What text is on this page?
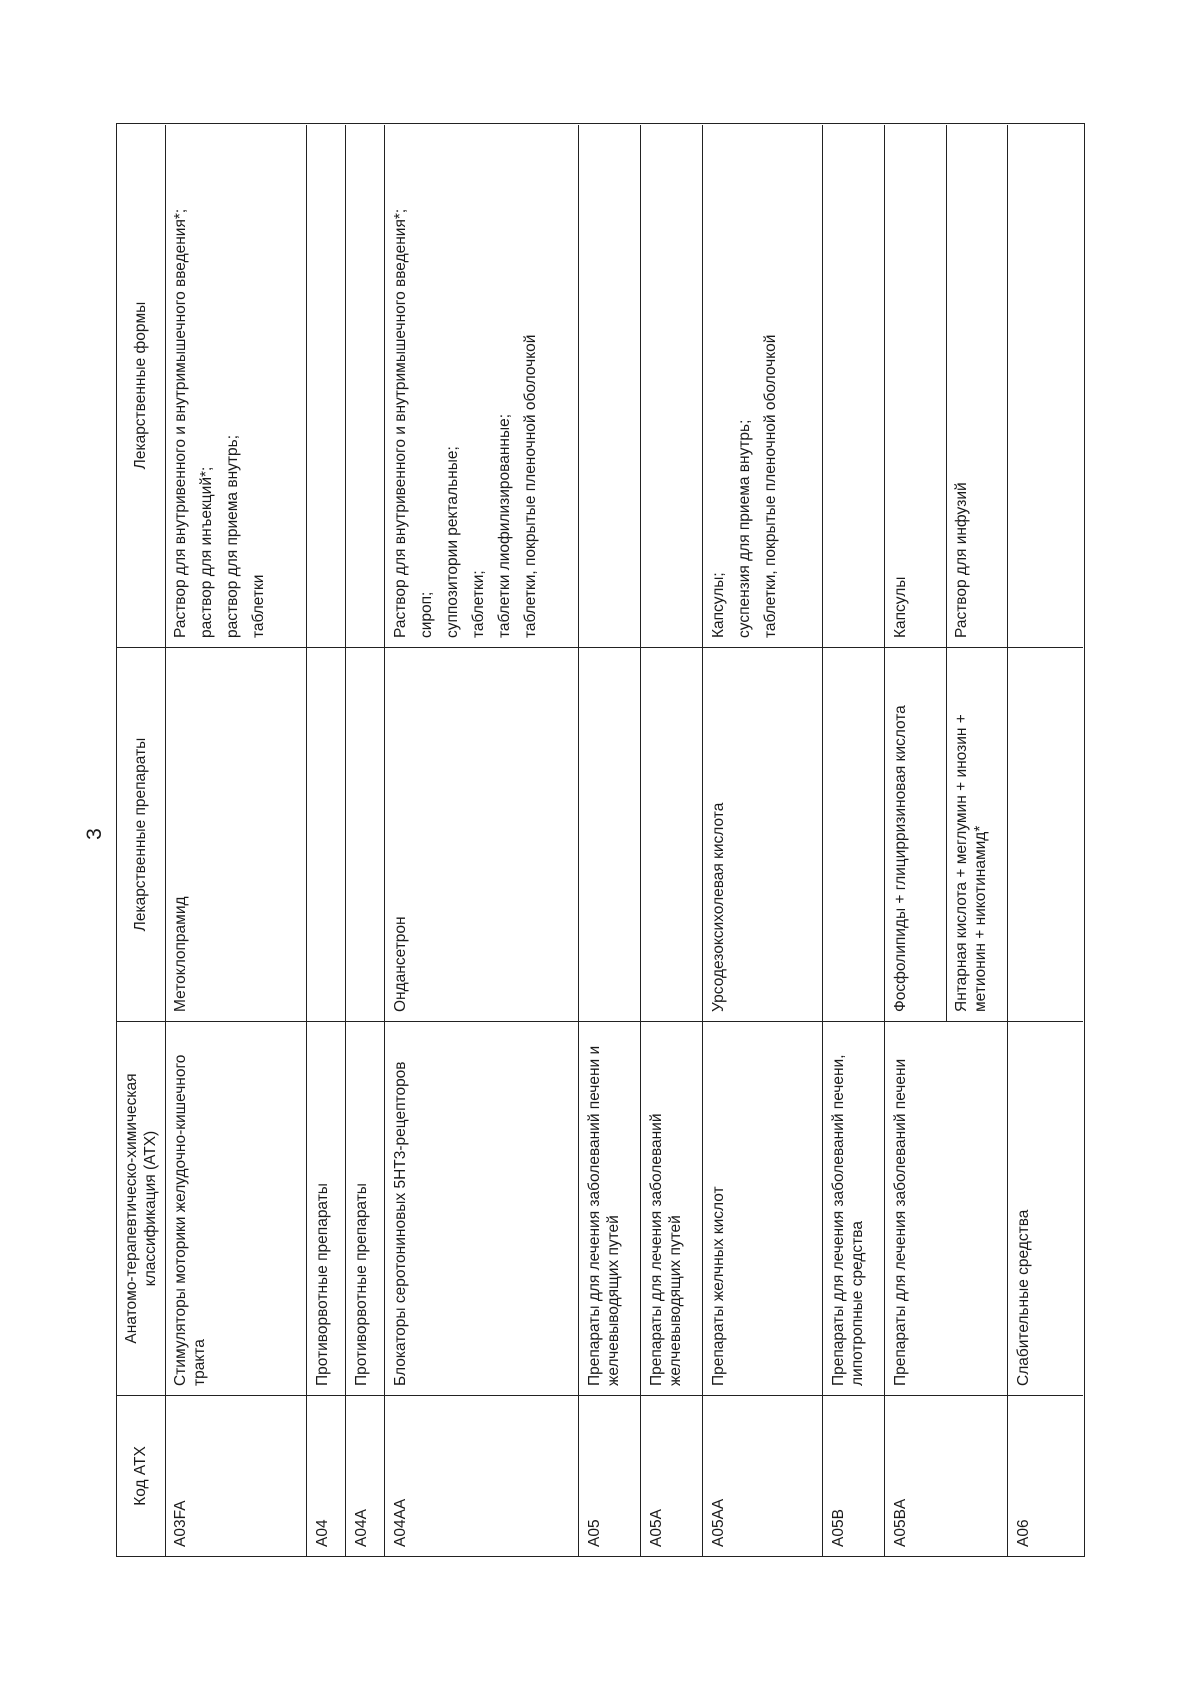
3
Код АТХ
Анатомо-терапевтическо-химическая классификация (АТХ)
Лекарственные препараты
Лекарственные формы
A03FA
Стимуляторы моторики желудочно-кишечного тракта
Метоклопрамид
Раствор для внутривенного и внутримышечного введения*; раствор для инъекций*; раствор для приема внутрь; таблетки
A04
Противорвотные препараты
A04A
Противорвотные препараты
A04AA
Блокаторы серотониновых 5НТ3-рецепторов
Ондансетрон
Раствор для внутривенного и внутримышечного введения*; сироп; суппозитории ректальные; таблетки; таблетки лиофилизированные; таблетки, покрытые пленочной оболочкой
A05
Препараты для лечения заболеваний печени и желчевыводящих путей
A05A
Препараты для лечения заболеваний желчевыводящих путей
A05AA
Препараты желчных кислот
Урсодезоксихолевая кислота
Капсулы; суспензия для приема внутрь; таблетки, покрытые пленочной оболочкой
A05B
Препараты для лечения заболеваний печени, липотропные средства
A05BA
Препараты для лечения заболеваний печени
Фосфолипиды + глицирризиновая кислота
Капсулы
Янтарная кислота + меглумин + инозин + метионин + никотинамид*
Раствор для инфузий
A06
Слабительные средства
